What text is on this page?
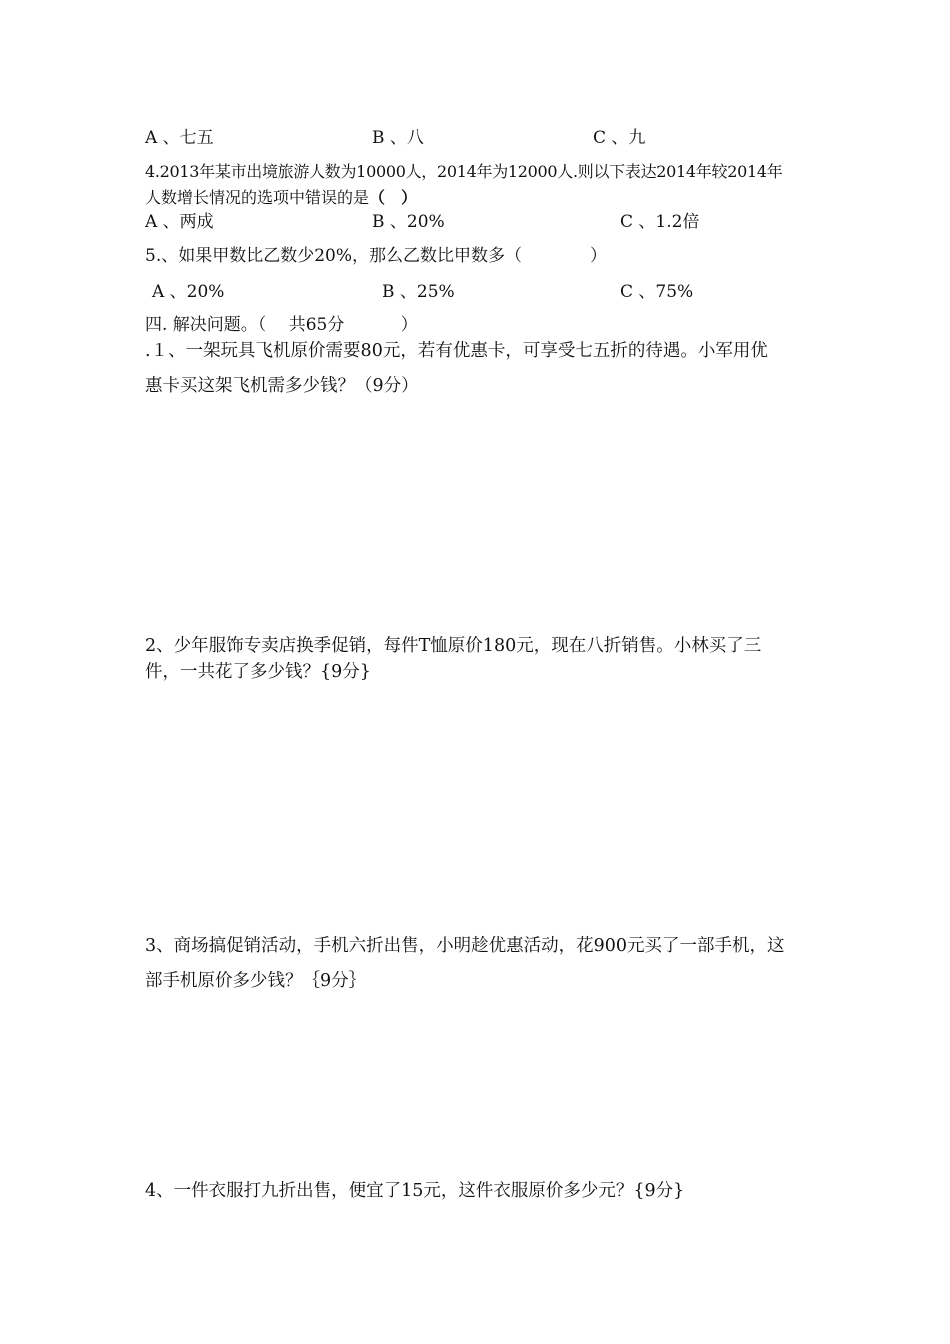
A 、七五	B 、八	C 、九
4.2013年某市出境旅游人数为10000人，2014年为12000人.则以下表达2014年较2014年
人数增长情况的选项中错误的是（　）
A 、两成	B 、20%	C 、1.2倍
5.、如果甲数比乙数少20%，那么乙数比甲数多（　　　　）
A 、20%	B 、25%	C 、75%
四. 解决问题。（　 共65分　　　 ）
.１、一架玩具飞机原价需要80元，若有优惠卡，可享受七五折的待遇。小军用优
惠卡买这架飞机需多少钱？（9分）
2、少年服饰专卖店换季促销，每件T恤原价180元，现在八折销售。小林买了三
件，一共花了多少钱？{9分}
3、商场搞促销活动，手机六折出售，小明趁优惠活动，花900元买了一部手机，这
部手机原价多少钱？｛9分｝
4、一件衣服打九折出售，便宜了15元，这件衣服原价多少元？{9分}
